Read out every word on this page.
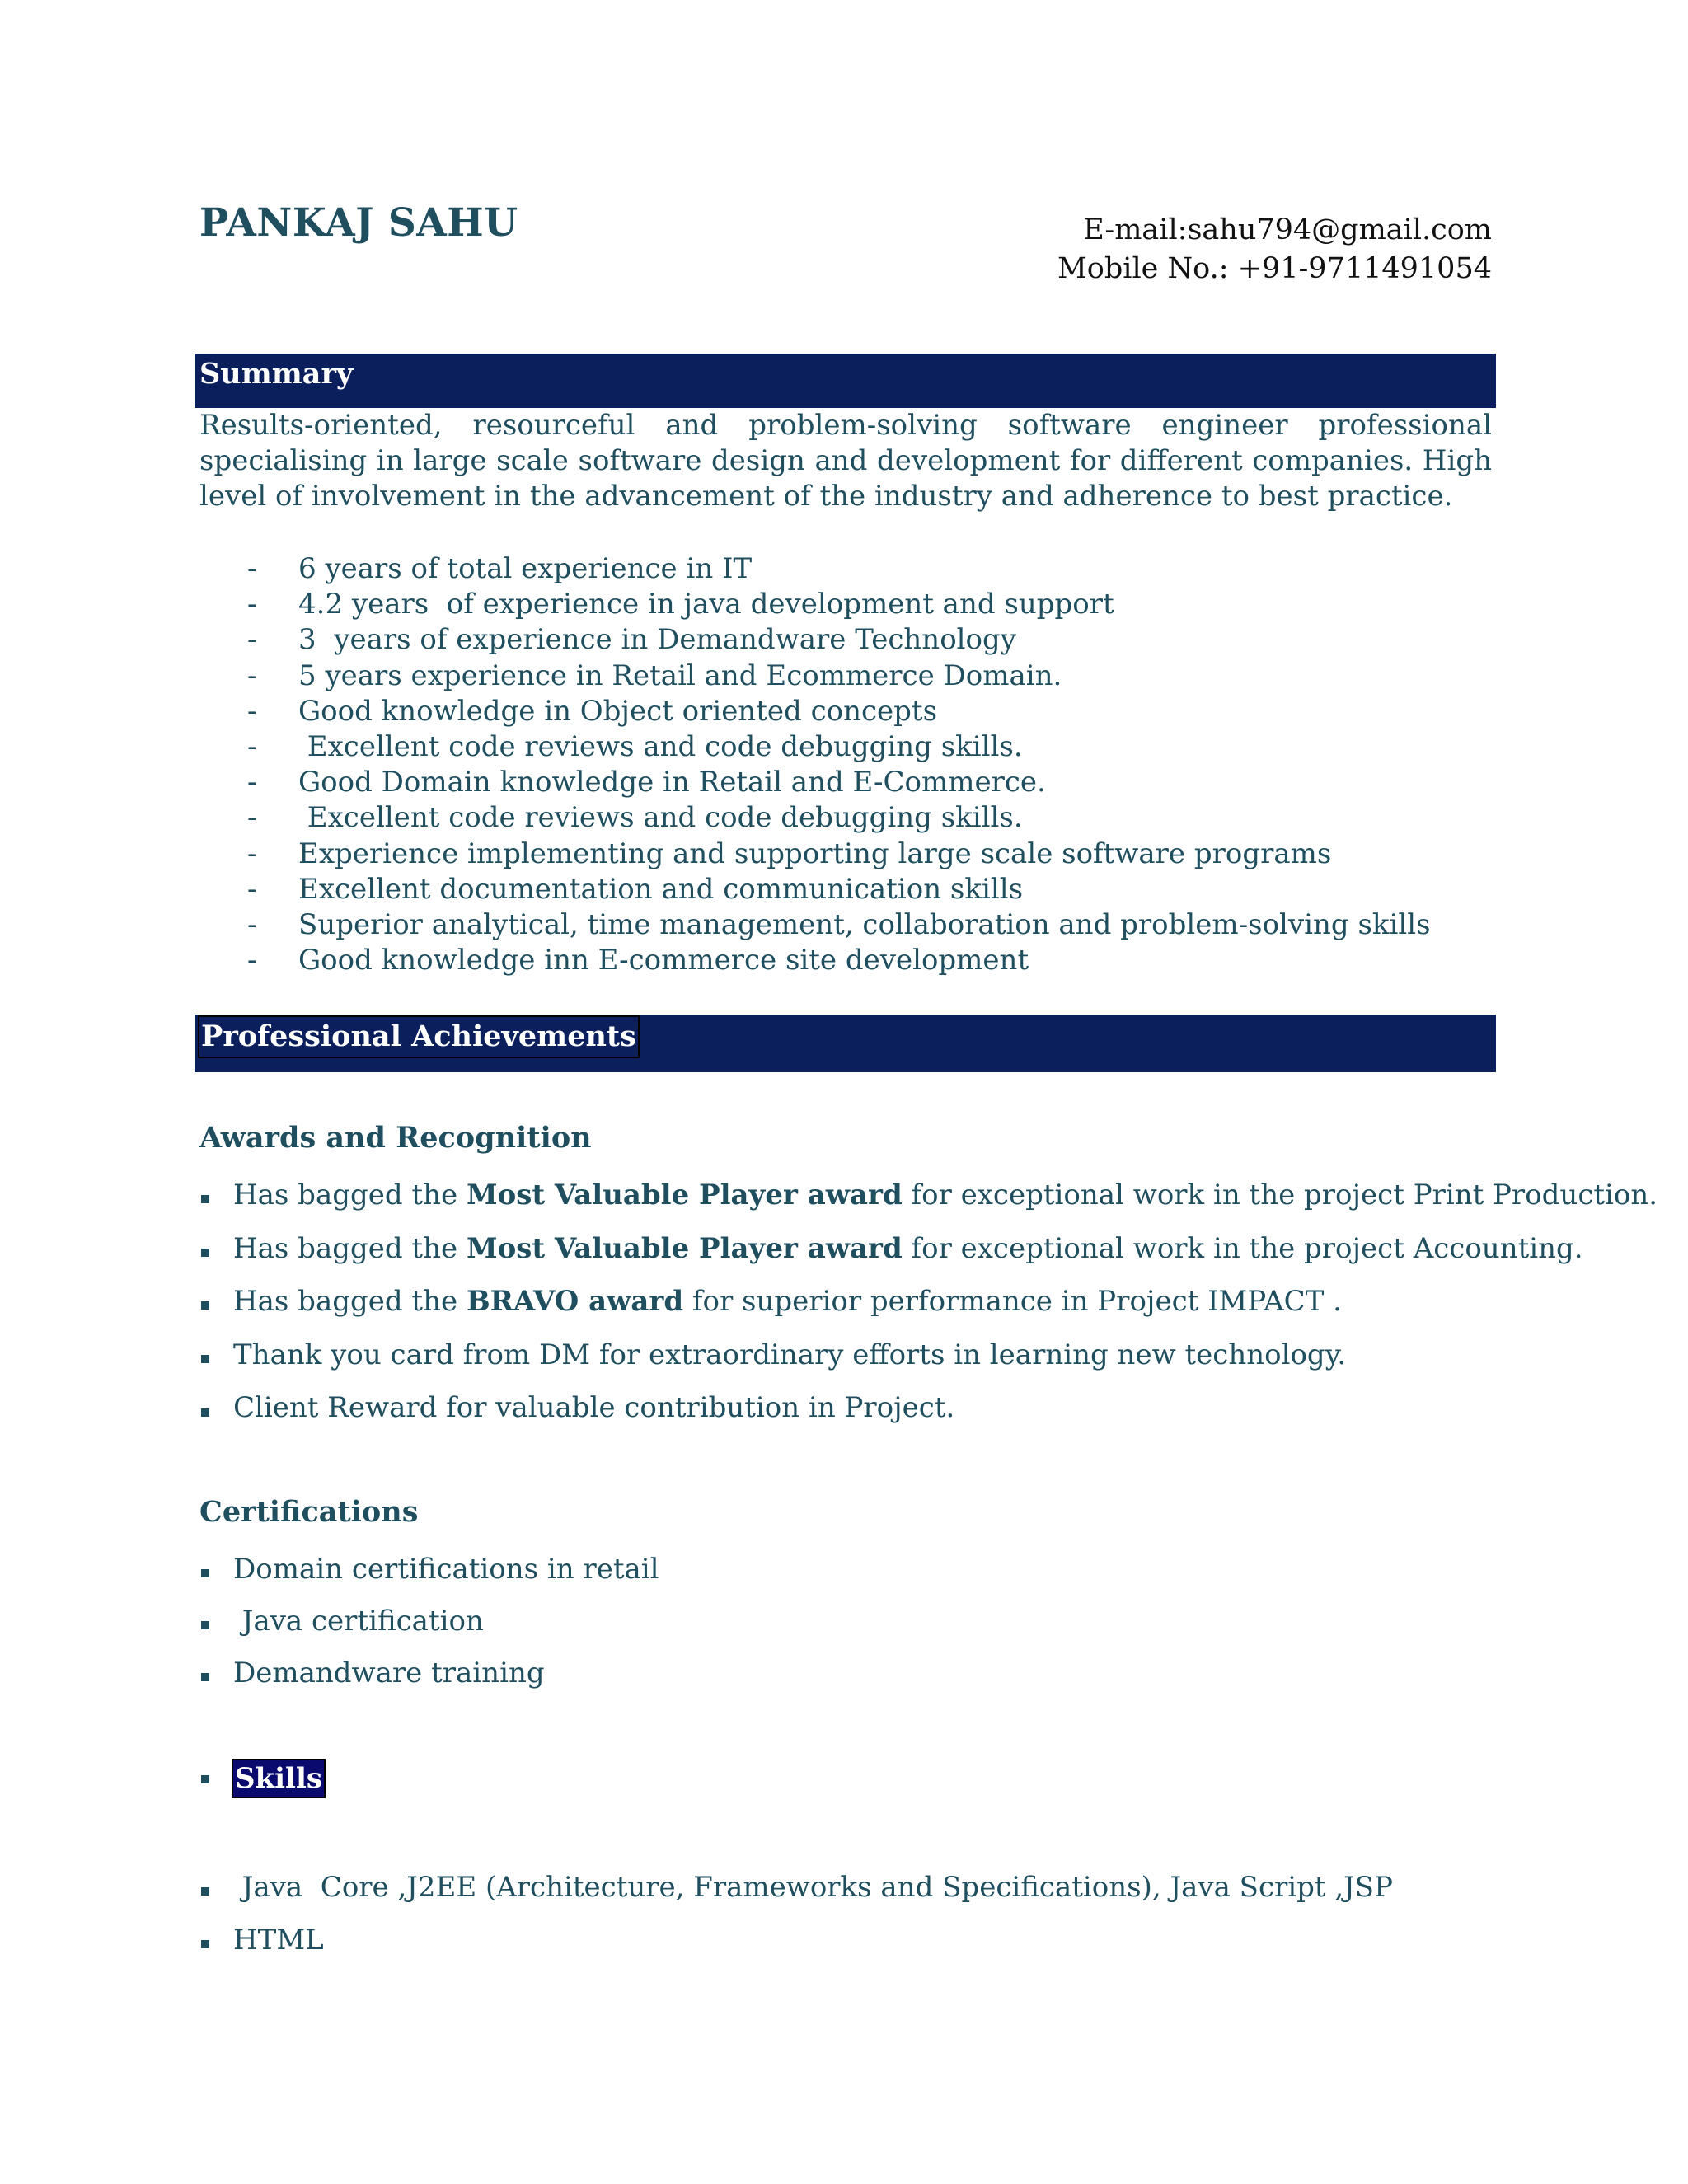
PANKAJ SAHU	E-mail:sahu794@gmail.com
Mobile No.: +91-9711491054
Summary
Results-oriented, resourceful and problem-solving software engineer professional specialising in large scale software design and development for different companies. High level of involvement in the advancement of the industry and adherence to best practice.
- 6 years of total experience in IT
- 4.2 years  of experience in java development and support
- 3  years of experience in Demandware Technology
- 5 years experience in Retail and Ecommerce Domain.
- Good knowledge in Object oriented concepts
- Excellent code reviews and code debugging skills.
- Good Domain knowledge in Retail and E-Commerce.
- Excellent code reviews and code debugging skills.
- Experience implementing and supporting large scale software programs
- Excellent documentation and communication skills
- Superior analytical, time management, collaboration and problem-solving skills
- Good knowledge inn E-commerce site development
Professional Achievements
Awards and Recognition
Has bagged the Most Valuable Player award for exceptional work in the project Print Production.
Has bagged the Most Valuable Player award for exceptional work in the project Accounting.
Has bagged the BRAVO award for superior performance in Project IMPACT .
Thank you card from DM for extraordinary efforts in learning new technology.
Client Reward for valuable contribution in Project.
Certifications
Domain certifications in retail
Java certification
Demandware training
Skills
Java  Core ,J2EE (Architecture, Frameworks and Specifications), Java Script ,JSP
HTML
